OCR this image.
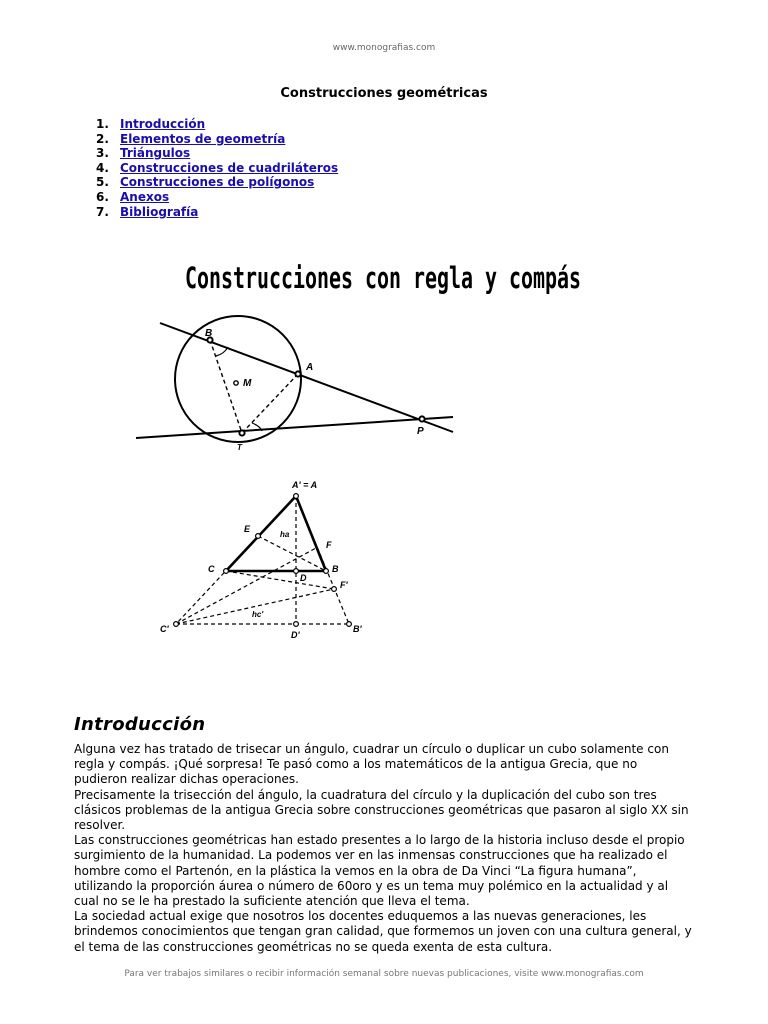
www.monografias.com
Construcciones geométricas
1. Introducción
2. Elementos de geometría
3. Triángulos
4. Construcciones de cuadriláteros
5. Construcciones de polígonos
6. Anexos
7. Bibliografía
Construcciones con regla y compás
B
A
M
T
P
A' = A
E
ha
F
C	B
D
F'
hc'
C'
D'
B'
Introducción

Alguna vez has tratado de trisecar un ángulo, cuadrar un círculo o duplicar un cubo solamente con regla y compás. ¡Qué sorpresa! Te pasó como a los matemáticos de la antigua Grecia, que no pudieron realizar dichas operaciones.

Precisamente la trisección del ángulo, la cuadratura del círculo y la duplicación del cubo son tres clásicos problemas de la antigua Grecia sobre construcciones geométricas que pasaron al siglo XX sin resolver.

Las construcciones geométricas han estado presentes a lo largo de la historia incluso desde el propio surgimiento de la humanidad. La podemos ver en las inmensas construcciones que ha realizado el hombre como el Partenón, en la plástica la vemos en la obra de Da Vinci “La figura humana”, utilizando la proporción áurea o número de 60oro y es un tema muy polémico en la actualidad y al cual no se le ha prestado la suficiente atención que lleva el tema.

La sociedad actual exige que nosotros los docentes eduquemos a las nuevas generaciones, les brindemos conocimientos que tengan gran calidad, que formemos un joven con una cultura general, y el tema de las construcciones geométricas no se queda exenta de esta cultura.

Para ver trabajos similares o recibir información semanal sobre nuevas publicaciones, visite www.monografias.com
